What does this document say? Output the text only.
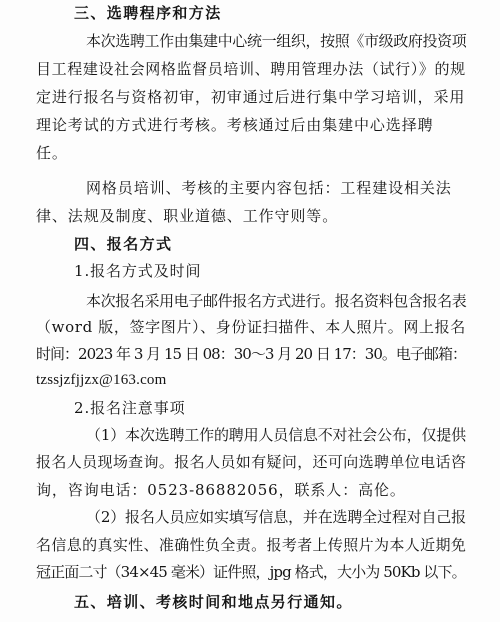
三、选聘程序和方法
本次选聘工作由集建中心统一组织，按照《市级政府投资项
目工程建设社会网格监督员培训、聘用管理办法（试行）》的规
定进行报名与资格初审，初审通过后进行集中学习培训，采用
理论考试的方式进行考核。考核通过后由集建中心选择聘
任。
网格员培训、考核的主要内容包括：工程建设相关法
律、法规及制度、职业道德、工作守则等。
四、报名方式
1.报名方式及时间
本次报名采用电子邮件报名方式进行。报名资料包含报名表
（word 版，签字图片）、身份证扫描件、本人照片。网上报名
时间：2023 年 3 月 15 日 08：30～3 月 20 日 17：30。电子邮箱：
tzssjzfjjzx@163.com
2.报名注意事项
（1）本次选聘工作的聘用人员信息不对社会公布，仅提供
报名人员现场查询。报名人员如有疑问，还可向选聘单位电话咨
询，咨询电话：0523-86882056，联系人：高伦。
（2）报名人员应如实填写信息，并在选聘全过程对自己报
名信息的真实性、准确性负全责。报考者上传照片为本人近期免
冠正面二寸（34×45 毫米）证件照，jpg 格式，大小为 50Kb 以下。
五、培训、考核时间和地点另行通知。
